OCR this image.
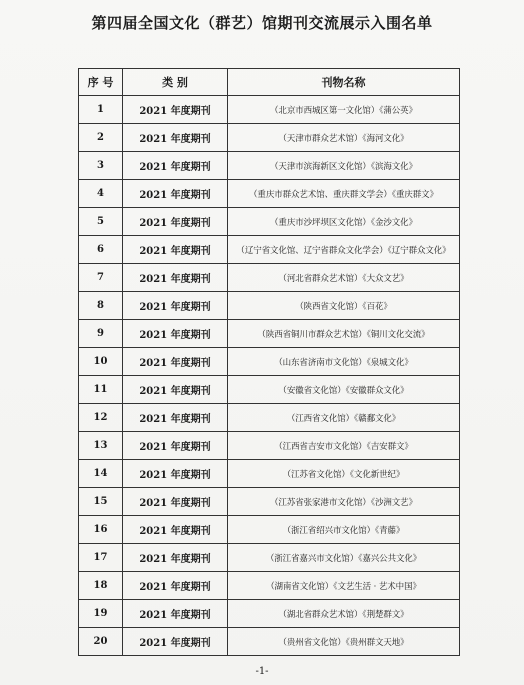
第四届全国文化（群艺）馆期刊交流展示入围名单
序 号	类 别	刊物名称
1	2021 年度期刊	（北京市西城区第一文化馆）《蒲公英》
2	2021 年度期刊	（天津市群众艺术馆）《海河文化》
3	2021 年度期刊	（天津市滨海新区文化馆）《滨海文化》
4	2021 年度期刊	（重庆市群众艺术馆、重庆群文学会）《重庆群文》
5	2021 年度期刊	（重庆市沙坪坝区文化馆）《金沙文化》
6	2021 年度期刊	（辽宁省文化馆、辽宁省群众文化学会）《辽宁群众文化》
7	2021 年度期刊	（河北省群众艺术馆）《大众文艺》
8	2021 年度期刊	（陕西省文化馆）《百花》
9	2021 年度期刊	（陕西省铜川市群众艺术馆）《铜川文化交流》
10	2021 年度期刊	（山东省济南市文化馆）《泉城文化》
11	2021 年度期刊	（安徽省文化馆）《安徽群众文化》
12	2021 年度期刊	（江西省文化馆）《赣鄱文化》
13	2021 年度期刊	（江西省吉安市文化馆）《吉安群文》
14	2021 年度期刊	（江苏省文化馆）《文化新世纪》
15	2021 年度期刊	（江苏省张家港市文化馆）《沙洲文艺》
16	2021 年度期刊	（浙江省绍兴市文化馆）《青藤》
17	2021 年度期刊	（浙江省嘉兴市文化馆）《嘉兴公共文化》
18	2021 年度期刊	（湖南省文化馆）《文艺生活 · 艺术中国》
19	2021 年度期刊	（湖北省群众艺术馆）《荆楚群文》
20	2021 年度期刊	（贵州省文化馆）《贵州群文天地》
-1-
